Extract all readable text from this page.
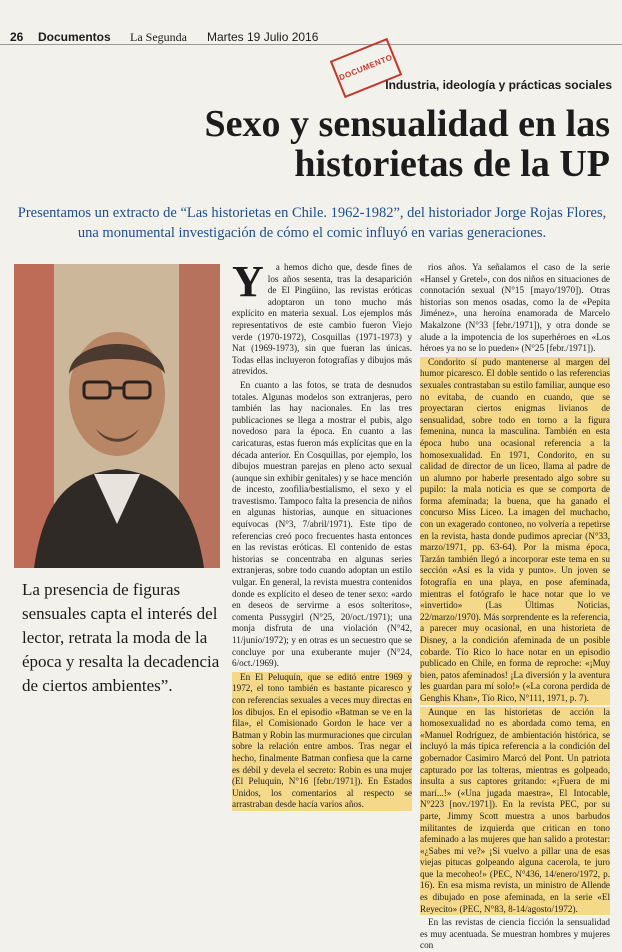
26 Documentos La Segunda Martes 19 Julio 2016
DOCUMENTO
Industria, ideología y prácticas sociales
Sexo y sensualidad en las historietas de la UP

Presentamos un extracto de “Las historietas en Chile. 1962-1982”, del historiador Jorge Rojas Flores, una monumental investigación de cómo el comic influyó en varias generaciones.

La presencia de figuras sensuales capta el interés del lector, retrata la moda de la época y resalta la decadencia de ciertos ambientes”.

Y	a hemos dicho que, desde fines de los años sesenta, tras la desaparición de El Pingüino, las revistas eróticas adoptaron un tono mucho más explícito en materia sexual. Los ejemplos más representativos de este cambio fueron Viejo verde (1970-1972), Cosquillas (1971-1973) y Nat (1969-1973), sin que fueran las únicas. Todas ellas incluyeron fotografías y dibujos más atrevidos.

En cuanto a las fotos, se trata de desnudos totales. Algunas modelos son extranjeras, pero también las hay nacionales. En las tres publicaciones se llega a mostrar el pubis, algo novedoso para la época. En cuanto a las caricaturas, estas fueron más explícitas que en la década anterior. En Cosquillas, por ejemplo, los dibujos muestran parejas en pleno acto sexual (aunque sin exhibir genitales) y se hace mención de incesto, zoofilia/bestialismo, el sexo y el travestismo. Tampoco falta la presencia de niños en algunas historias, aunque en situaciones equívocas (N°3, 7/abril/1971). Este tipo de referencias creó poco frecuentes hasta entonces en las revistas eróticas. El contenido de estas historias se concentraba en algunas series extranjeras, sobre todo cuando adoptan un estilo vulgar. En general, la revista muestra contenidos donde es explícito el deseo de tener sexo: «ardo en deseos de servirme a esos solteritos», comenta Pussygirl (N°25, 20/oct./1971); una monja disfruta de una violación (N°42, 11/junio/1972); y en otras es un secuestro que se concluye por una exuberante mujer (N°24, 6/oct./1969).

En El Peluquín, que se editó entre 1969 y 1972, el tono también es bastante picaresco y con referencias sexuales a veces muy directas en los dibujos. En el episodio «Batman se ve en la fila», el Comisionado Gordon le hace ver a Batman y Robin las murmuraciones que circulan sobre la relación entre ambos. Tras negar el hecho, finalmente Batman confiesa que la carne es débil y devela el secreto: Robin es una mujer (El Peluquín, N°16 [febr./1971]). En Estados Unidos, los comentarios al respecto se arrastraban desde hacía varios años.

rios años. Ya señalamos el caso de la serie «Hansel y Gretel», con dos niños en situaciones de connotación sexual (N°15 [mayo/1970]). Otras historias son menos osadas, como la de «Pepita Jiménez», una heroína enamorada de Marcelo Makalzone (N°33 [febr./1971]), y otra donde se alude a la impotencia de los superhéroes en «Los héroes ya no se lo pueden» (N°25 [febr./1971]).

Condorito sí pudo mantenerse al margen del humor picaresco. El doble sentido o las referencias sexuales contrastaban su estilo familiar, aunque eso no evitaba, de cuando en cuando, que se proyectaran ciertos enigmas livianos de sensualidad, sobre todo en torno a la figura femenina, nunca la masculina. También en esta época hubo una ocasional referencia a la homosexualidad. En 1971, Condorito, en su calidad de director de un liceo, llama al padre de un alumno por haberle presentado algo sobre su pupilo: la mala noticia es que se comporta de forma afeminada; la buena, que ha ganado el concurso Miss Liceo. La imagen del muchacho, con un exagerado contoneo, no volvería a repetirse en la revista, hasta donde pudimos apreciar (N°33, marzo/1971, pp. 63-64). Por la misma época, Tarzán también llegó a incorporar este tema en su sección «Así es la vida y punto». Un joven se fotografía en una playa, en pose afeminada, mientras el fotógrafo le hace notar que lo ve «invertido» (Las Últimas Noticias, 22/marzo/1970). Más sorprendente es la referencia, a parecer muy ocasional, en una historieta de Disney, a la condición afeminada de un posible cobarde. Tío Rico lo hace notar en un episodio publicado en Chile, en forma de reproche: «¡Muy bien, patos afeminados! ¡La diversión y la aventura les guardan para mí solo!» («La corona perdida de Genghis Khan», Tío Rico, N°111, 1971, p. 7).

Aunque en las historietas de acción la homosexualidad no es abordada como tema, en «Manuel Rodríguez, de ambientación histórica, se incluyó la más típica referencia a la condición del gobernador Casimiro Marcó del Pont. Un patriota capturado por las tolteras, mientras es golpeado, insulta a sus captores gritando: «¡Fuera de mi marí...!» («Una jugada maestra», El Intocable, N°223 [nov./1971]). En la revista PEC, por su parte, Jimmy Scott muestra a unos barbudos militantes de izquierda que critican en tono afeminado a las mujeres que han salido a protestar: «¿Sabes mi ve?» ¡Si vuelvo a pillar una de esas viejas pitucas golpeando alguna cacerola, te juro que la mecoheo!» (PEC, N°436, 14/enero/1972, p. 16). En esa misma revista, un ministro de Allende es dibujado en pose afeminada, en la serie «El Reyecito» (PEC, N°83, 8-14/agosto/1972).

En las revistas de ciencia ficción la sensualidad es muy acentuada. Se muestran hombres y mujeres con
